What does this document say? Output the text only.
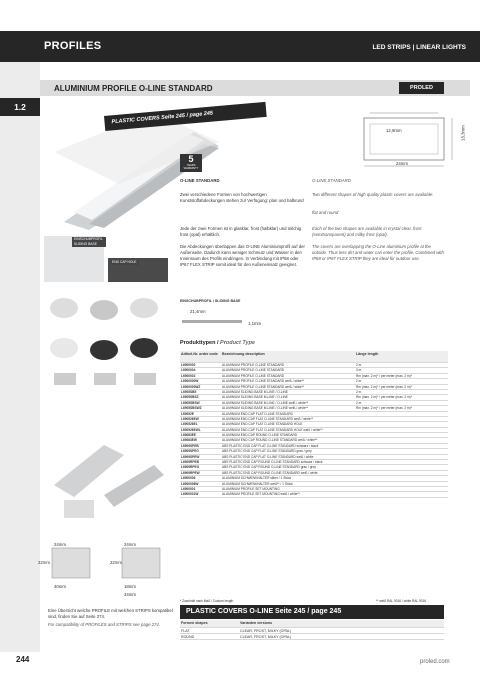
PROFILES	LED STRIPS | LINEAR LIGHTS
ALUMINIUM PROFILE O-LINE STANDARD	PROLED
1.2
PLASTIC COVERS Seite 245 / page 245
12,9mm	15,3mm
24mm
5
YEARS
WARRANTY
O-LINE STANDARD
Zwei verschiedene Formen von hochwertigen Kunststoffabdeckungen stehen zur Verfügung: plan und halbrund
Jede der zwei Formen ist in glasklar, frost (halbklar) und milchig frost (opal) erhältlich.
Die Abdeckungen überlappen das O-LINE Aluminiumprofil auf der Außenseite. Dadurch kann weniger Schmutz und Wasser in den Innenraum des Profils eindringen. In Verbindung mit IP68 oder IP67 FLEX STRIP somit ideal für den Außeneinsatz geeignet.
O-LINE STANDARD
Two different shapes of high quality plastic covers are available:
flat and round
Each of the two shapes are available in crystal clear, frost (semitransparent) and milky frost (opal).
The covers are overlapping the O-Line aluminium profile at the outside. Thus less dirt and water can enter the profile. Combined with IP68 or IP67 FLEX STRIP they are ideal for outdoor use.
EINSCHUBPROFIL SLIDING BASE
END CAP HOLE
24mm	24mm
22mm	22mm
40mm	18mm
34mm
EINSCHUBPROFIL / SLIDING BASE
21,4mm
1,1mm
Produkttypen / Product Type
Artikel-Nr. order code	Bezeichnung description	Länge length
L6900000	ALUMINIUM PROFILE O-LINE STANDARD	2 m
L6900004	ALUMINIUM PROFILE O-LINE STANDARD	3 m
L6900002	ALUMINIUM PROFILE O-LINE STANDARD	Rm (max. 2 m)* / per meter (max. 2 m)*
L6900000W	ALUMINIUM PROFILE O-LINE STANDARD weiß / white**	2 m
L6900000WZ	ALUMINIUM PROFILE O-LINE STANDARD weiß / white**	Rm (max. 2 m)* / per meter (max. 2 m)*
L6905SB5	ALUMINIUM SLIDING BASE M-LINE / O-LINE	2 m
L6905SBSZ	ALUMINIUM SLIDING BASE M-LINE / O-LINE	Rm (max. 2 m)* / per meter (max. 2 m)*
L6905SBSW	ALUMINIUM SLIDING BASE M-LINE / O-LINE weiß / white**	2 m
L6905SBSWZ	ALUMINIUM SLIDING BASE M-LINE / O-LINE weiß / white**	Rm (max. 2 m)* / per meter (max. 2 m)*
L69052E	ALUMINIUM END CAP FLAT O-LINE STANDARD
L690526EW	ALUMINIUM END CAP FLAT O-LINE STANDARD weiß / white**
L690526EL	ALUMINIUM END CAP FLAT O-LINE STANDARD HOLE
L690526EWL	ALUMINIUM END CAP FLAT O-LINE STANDARD HOLE weiß / white**
L69083EE	ALUMINIUM END CAP ROUND O-LINE STANDARD
L69083EW	ALUMINIUM END CAP ROUND O-LINE STANDARD weiß / white**
L6909SPEB	ABS PLASTIC END CAP FLAT O-LINE STANDARD schwarz / black
L6909SPEG	ABS PLASTIC END CAP FLAT O-LINE STANDARD grau / grey
L6909SPEW	ABS PLASTIC END CAP FLAT O-LINE STANDARD weiß / white
L6909RPEB	ABS PLASTIC END CAP ROUND O-LINE STANDARD schwarz / black
L6909RPEG	ABS PLASTIC END CAP ROUND O-LINE STANDARD grau / grey
L6909RPEW	ABS PLASTIC END CAP ROUND O-LINE STANDARD weiß / white
L6900006	ALUMINIUM SCHWENKHALTER silber / 1 Stück
L6900006W	ALUMINIUM SCHWENKHALTER weiß** / 1 Stück
L6900001	ALUMINIUM PROFILE SET MOUNTING
L6900001W	ALUMINIUM PROFILE SET MOUNTING weiß / white**
* Zuschnitt nach Maß / Custom length	** weiß RAL 9016 / white RAL 9016
Eine Übersicht welche PROFILE mit welchen STRIPS kompatibel sind, finden Sie auf Seite 274.
For compatibility of PROFILES and STRIPS see page 274.
PLASTIC COVERS O-LINE Seite 245 / page 245
Formen shapes	Varianten versions
FLAT	CLEAR, FROST, MILKY (OPAL)
ROUND	CLEAR, FROST, MILKY (OPAL)
244	proled.com
